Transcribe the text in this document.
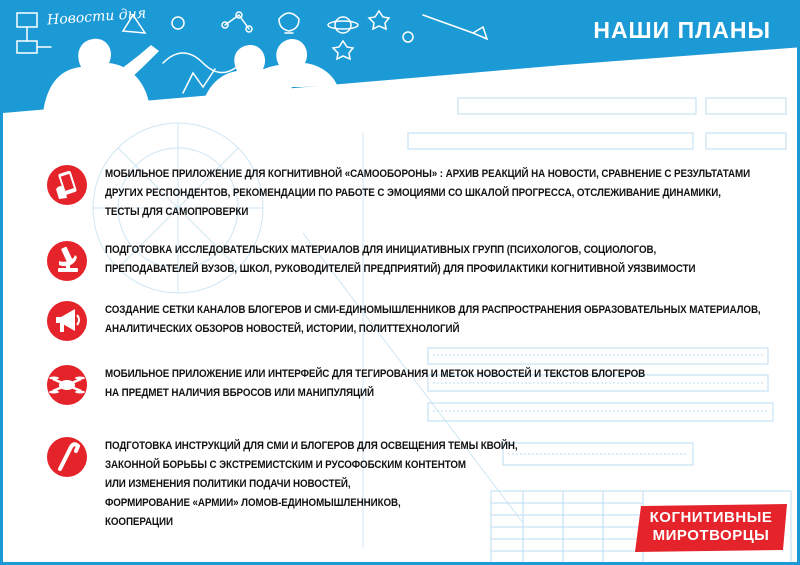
Новости дня	НАШИ ПЛАНЫ
МОБИЛЬНОЕ ПРИЛОЖЕНИЕ ДЛЯ КОГНИТИВНОЙ «САМООБОРОНЫ» : АРХИВ РЕАКЦИЙ НА НОВОСТИ, СРАВНЕНИЕ С РЕЗУЛЬТАТАМИ
ДРУГИХ РЕСПОНДЕНТОВ, РЕКОМЕНДАЦИИ ПО РАБОТЕ С ЭМОЦИЯМИ СО ШКАЛОЙ ПРОГРЕССА, ОТСЛЕЖИВАНИЕ ДИНАМИКИ,
ТЕСТЫ ДЛЯ САМОПРОВЕРКИ
ПОДГОТОВКА ИССЛЕДОВАТЕЛЬСКИХ МАТЕРИАЛОВ ДЛЯ ИНИЦИАТИВНЫХ ГРУПП (ПСИХОЛОГОВ, СОЦИОЛОГОВ,
ПРЕПОДАВАТЕЛЕЙ ВУЗОВ, ШКОЛ, РУКОВОДИТЕЛЕЙ ПРЕДПРИЯТИЙ) ДЛЯ ПРОФИЛАКТИКИ КОГНИТИВНОЙ УЯЗВИМОСТИ
СОЗДАНИЕ СЕТКИ КАНАЛОВ БЛОГЕРОВ И СМИ-ЕДИНОМЫШЛЕННИКОВ ДЛЯ РАСПРОСТРАНЕНИЯ ОБРАЗОВАТЕЛЬНЫХ МАТЕРИАЛОВ,
АНАЛИТИЧЕСКИХ ОБЗОРОВ НОВОСТЕЙ, ИСТОРИИ, ПОЛИТТЕХНОЛОГИЙ
МОБИЛЬНОЕ ПРИЛОЖЕНИЕ ИЛИ ИНТЕРФЕЙС ДЛЯ ТЕГИРОВАНИЯ И МЕТОК НОВОСТЕЙ И ТЕКСТОВ БЛОГЕРОВ
НА ПРЕДМЕТ НАЛИЧИЯ ВБРОСОВ ИЛИ МАНИПУЛЯЦИЙ
ПОДГОТОВКА ИНСТРУКЦИЙ ДЛЯ СМИ И БЛОГЕРОВ ДЛЯ ОСВЕЩЕНИЯ ТЕМЫ КВОЙН,
ЗАКОННОЙ БОРЬБЫ С ЭКСТРЕМИСТСКИМ И РУСОФОБСКИМ КОНТЕНТОМ
ИЛИ ИЗМЕНЕНИЯ ПОЛИТИКИ ПОДАЧИ НОВОСТЕЙ,
ФОРМИРОВАНИЕ «АРМИИ» ЛОМОВ-ЕДИНОМЫШЛЕННИКОВ,
КООПЕРАЦИИ	КОГНИТИВНЫЕ
МИРОТВОРЦЫ
